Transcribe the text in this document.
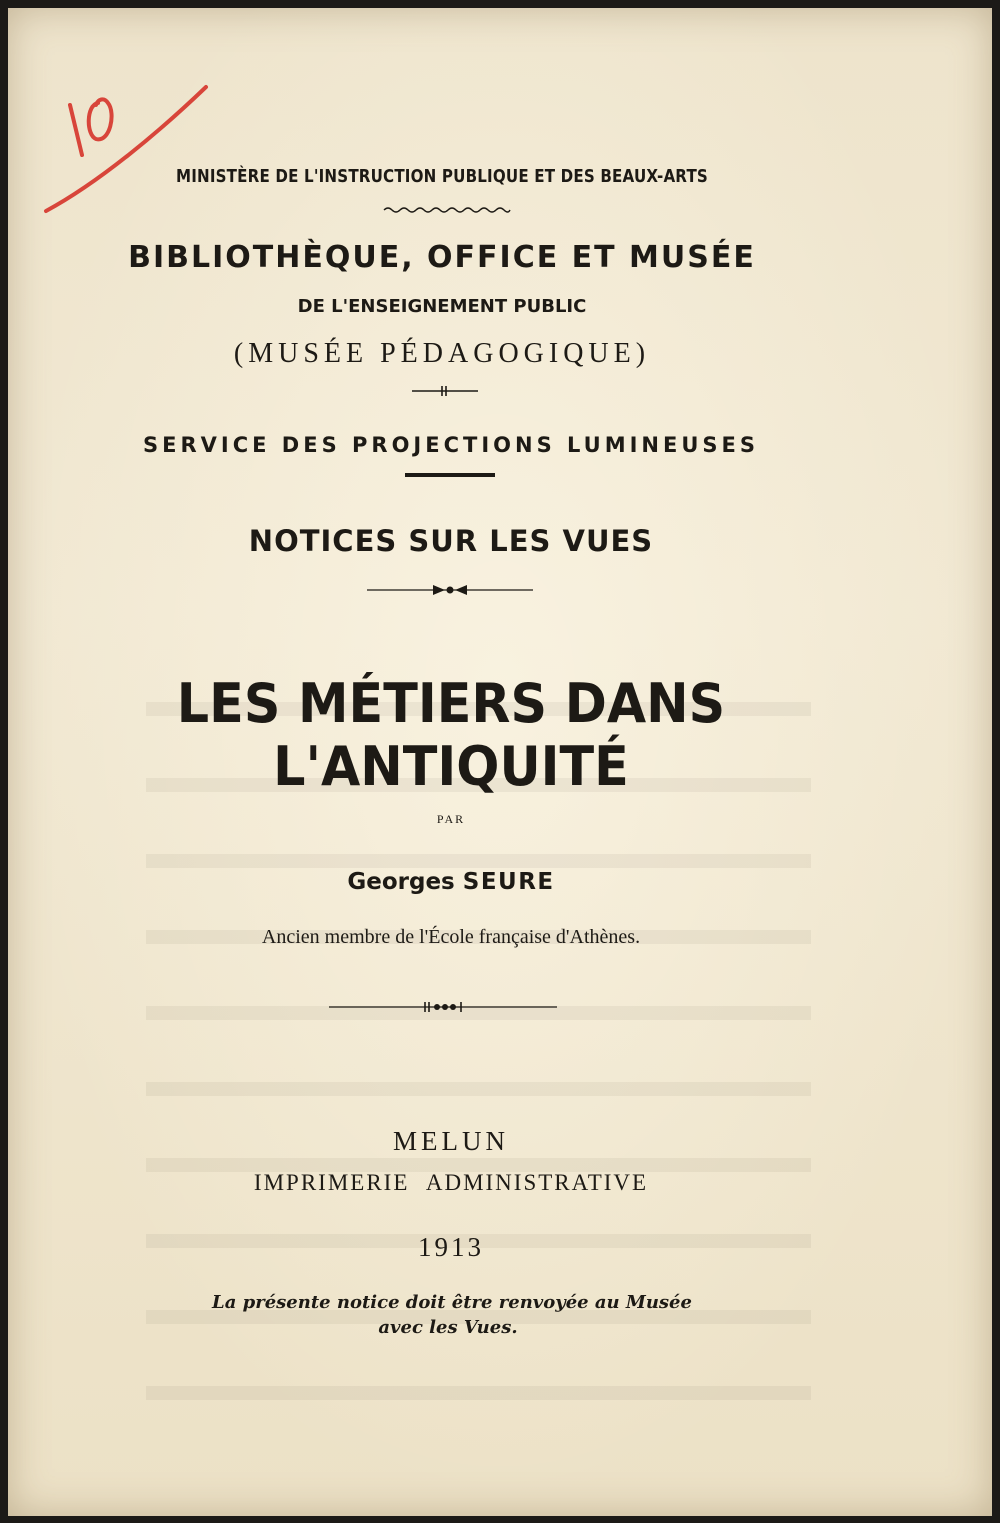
MINISTÈRE DE L'INSTRUCTION PUBLIQUE ET DES BEAUX-ARTS
BIBLIOTHÈQUE, OFFICE ET MUSÉE
DE L'ENSEIGNEMENT PUBLIC
(MUSÉE PÉDAGOGIQUE)
SERVICE DES PROJECTIONS LUMINEUSES
NOTICES SUR LES VUES
LES MÉTIERS DANS L'ANTIQUITÉ
PAR
Georges SEURE
Ancien membre de l'École française d'Athènes.
MELUN
IMPRIMERIE ADMINISTRATIVE
1913
La présente notice doit être renvoyée au Musée
avec les Vues.
